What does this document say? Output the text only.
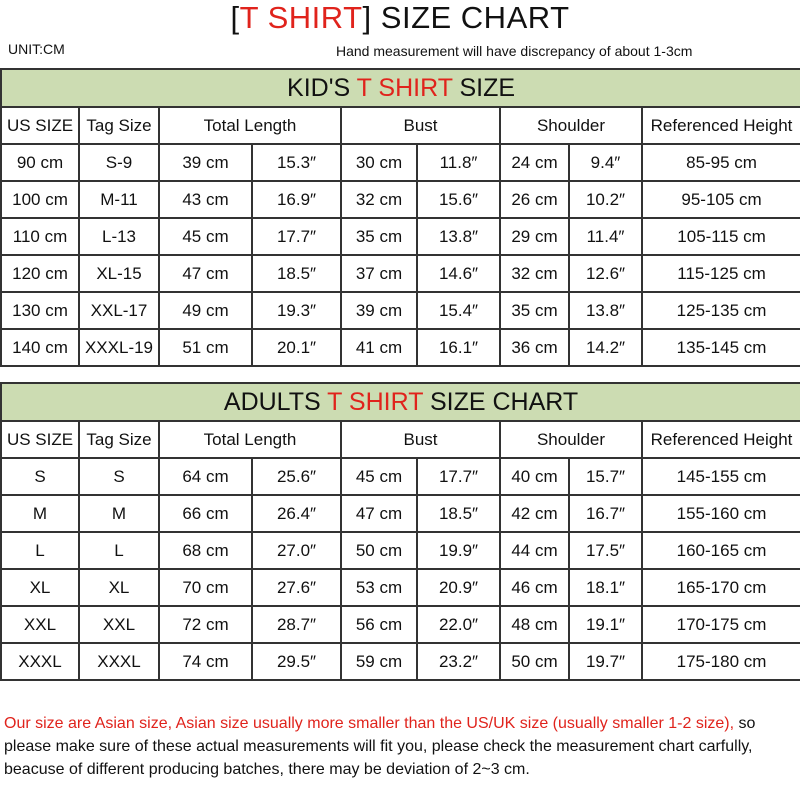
[T SHIRT] SIZE CHART
UNIT:CM	Hand measurement will have discrepancy of about 1-3cm
KID'S T SHIRT SIZE								
US SIZE	Tag Size	Total Length		Bust		Shoulder		Referenced Height
90 cm	S-9	39 cm	15.3″	30 cm	11.8″	24 cm	9.4″	85-95 cm
100 cm	M-11	43 cm	16.9″	32 cm	15.6″	26 cm	10.2″	95-105 cm
110 cm	L-13	45 cm	17.7″	35 cm	13.8″	29 cm	11.4″	105-115 cm
120 cm	XL-15	47 cm	18.5″	37 cm	14.6″	32 cm	12.6″	115-125 cm
130 cm	XXL-17	49 cm	19.3″	39 cm	15.4″	35 cm	13.8″	125-135 cm
140 cm	XXXL-19	51 cm	20.1″	41 cm	16.1″	36 cm	14.2″	135-145 cm
ADULTS T SHIRT SIZE CHART								
US SIZE	Tag Size	Total Length		Bust		Shoulder		Referenced Height
S	S	64 cm	25.6″	45 cm	17.7″	40 cm	15.7″	145-155 cm
M	M	66 cm	26.4″	47 cm	18.5″	42 cm	16.7″	155-160 cm
L	L	68 cm	27.0″	50 cm	19.9″	44 cm	17.5″	160-165 cm
XL	XL	70 cm	27.6″	53 cm	20.9″	46 cm	18.1″	165-170 cm
XXL	XXL	72 cm	28.7″	56 cm	22.0″	48 cm	19.1″	170-175 cm
XXXL	XXXL	74 cm	29.5″	59 cm	23.2″	50 cm	19.7″	175-180 cm
Our size are Asian size, Asian size usually more smaller than the US/UK size (usually smaller 1-2 size), so please make sure of these actual measurements will fit you, please check the measurement chart carfully, beacuse of different producing batches, there may be deviation of 2~3 cm.
